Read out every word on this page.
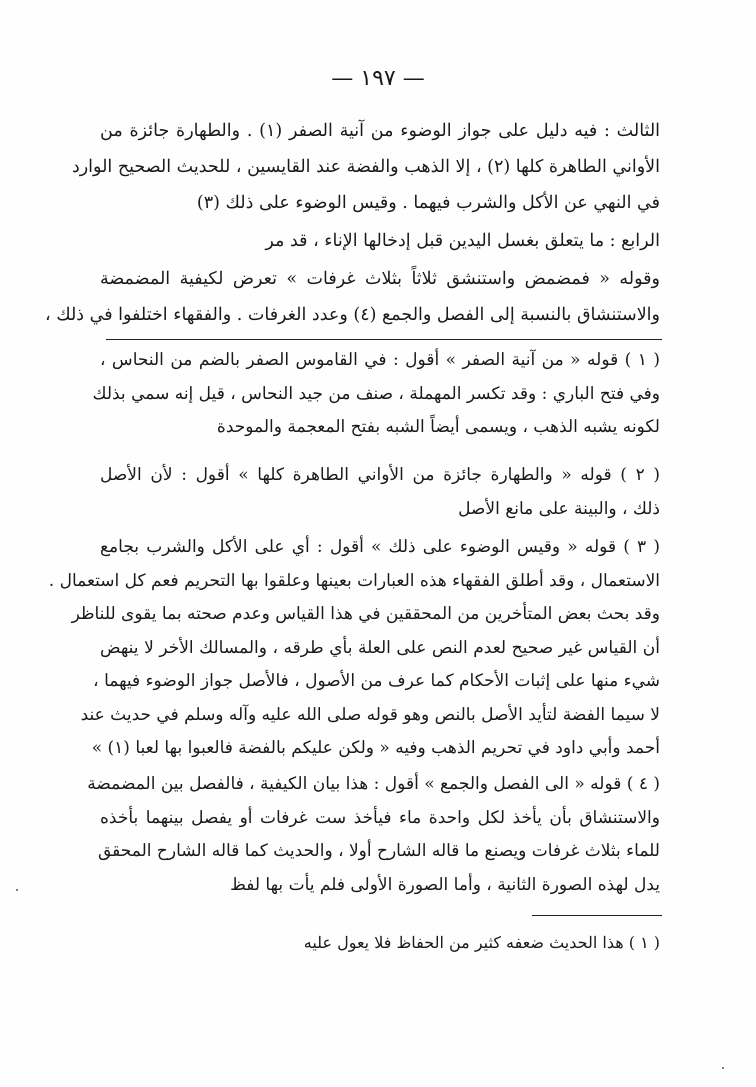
— ١٩٧ —
الثالث : فيه دليل على جواز الوضوء من آنية الصفر (١) . والطهارة جائزة من
الأواني الطاهرة كلها (٢) ، إلا الذهب والفضة عند القايسين ، للحديث الصحيح الوارد
في النهي عن الأكل والشرب فيهما . وقيس الوضوء على ذلك (٣)
الرابع : ما يتعلق بغسل اليدين قبل إدخالها الإناء ، قد مر
وقوله « فمضمض واستنشق ثلاثاً بثلاث غرفات » تعرض لكيفية المضمضة
والاستنشاق بالنسبة إلى الفصل والجمع (٤) وعدد الغرفات . والفقهاء اختلفوا في ذلك ،
( ١ ) قوله « من آنية الصفر » أقول : في القاموس الصفر بالضم من النحاس ،
وفي فتح الباري : وقد تكسر المهملة ، صنف من جيد النحاس ، قيل إنه سمي بذلك
لكونه يشبه الذهب ، ويسمى أيضاً الشبه بفتح المعجمة والموحدة
( ٢ ) قوله « والطهارة جائزة من الأواني الطاهرة كلها » أقول : لأن الأصل
ذلك ، والبينة على مانع الأصل
( ٣ ) قوله « وقيس الوضوء على ذلك » أقول : أي على الأكل والشرب بجامع
الاستعمال ، وقد أطلق الفقهاء هذه العبارات بعينها وعلقوا بها التحريم فعم كل استعمال .
وقد بحث بعض المتأخرين من المحققين في هذا القياس وعدم صحته بما يقوى للناظر
أن القياس غير صحيح لعدم النص على العلة بأي طرقه ، والمسالك الأخر لا ينهض
شيء منها على إثبات الأحكام كما عرف من الأصول ، فالأصل جواز الوضوء فيهما ،
لا سيما الفضة لتأيد الأصل بالنص وهو قوله صلى الله عليه وآله وسلم في حديث عند
أحمد وأبي داود في تحريم الذهب وفيه « ولكن عليكم بالفضة فالعبوا بها لعبا (١) »
( ٤ ) قوله « الى الفصل والجمع » أقول : هذا بيان الكيفية ، فالفصل بين المضمضة
والاستنشاق بأن يأخذ لكل واحدة ماء فيأخذ ست غرفات أو يفصل بينهما بأخذه
للماء بثلاث غرفات ويصنع ما قاله الشارح أولا ، والحديث كما قاله الشارح المحقق
يدل لهذه الصورة الثانية ، وأما الصورة الأولى فلم يأت بها لفظ
( ١ ) هذا الحديث ضعفه كثير من الحفاظ فلا يعول عليه
